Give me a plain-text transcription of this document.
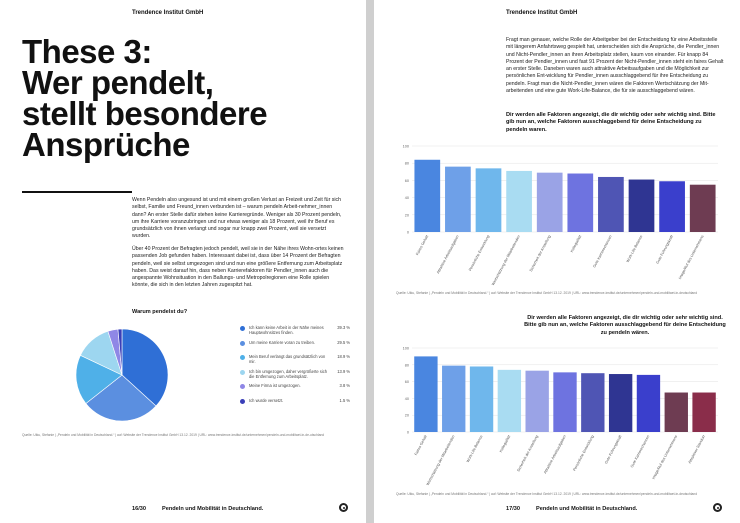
Trendence Institut GmbH
These 3:
Wer pendelt,
stellt besondere
Ansprüche
Wenn Pendeln also ungesund ist und mit einem großen Verlust an Freizeit und Zeit für sich selbst, Familie und Freund_innen verbunden ist – warum pendeln Arbeit-nehmer_innen dann? An erster Stelle dafür stehen keine Karrieregründe. Weniger als 30 Prozent pendeln, um ihre Karriere voranzubringen und nur etwas weniger als 18 Prozent, weil ihr Beruf es grundsätzlich von ihnen verlangt und sogar nur knapp zwei Prozent, weil sie versetzt wurden.
Über 40 Prozent der Befragten jedoch pendelt, weil sie in der Nähe ihres Wohn-ortes keinen passenden Job gefunden haben. Interessant dabei ist, dass über 14 Prozent der Befragten pendeln, weil sie selbst umgezogen sind und nun eine größere Entfernung zum Arbeitsplatz haben. Das weist darauf hin, dass neben Karrierefaktoren für Pendler_innen auch die angespannte Wohnsituation in den Ballungs- und Metropolregionen eine Rolle spielen könnte, die sich in den letzten Jahren zugespitzt hat.
Warum pendelst du?
Ich kann keine Arbeit in der Nähe meines Hauptwohnsitzes finden.
39.3 %
Um meine Karriere voran zu treiben.	29.5 %
Mein Beruf verlangt das grundsätzlich von mir.
18.9 %
Ich bin umgezogen, daher vergrößerte sich die Entfernung zum Arbeitsplatz.
13.9 %
Meine Firma ist umgezogen.	3.8 %
Ich wurde versetzt.	1.5 %
Quelle: Utku, Stefanie | „Pendeln und Mobilität in Deutschland.“ | auf: Website der Trendence Institut GmbH 13.12. 2019 | URL: www.trendence-institut.de/unternehmen/pendeln-und-mobilitaet-in-de-utschland
16/30	Pendeln und Mobilität in Deutschland.
Trendence Institut GmbH
Fragt man genauer, welche Rolle der Arbeitgeber bei der Entscheidung für eine Arbeitsstelle mit längerem Anfahrtsweg gespielt hat, unterscheiden sich die Ansprüche, die Pendler_innen und Nicht-Pendler_innen an ihren Arbeitsplatz stellen, kaum von einander. Für knapp 84 Prozent der Pendler_innen und fast 91 Prozent der Nicht-Pendler_innen steht ein faires Gehalt an erster Stelle. Daneben waren auch attraktive Arbeitsaufgaben und die Möglichkeit zur persönlichen Ent-wicklung für Pendler_innen ausschlaggebend für ihre Entscheidung zu pendeln. Fragt man die Nicht-Pendler_innen wären die Faktoren Wertschätzung der Mit-arbeitenden und eine gute Work-Life-Balance, die für sie ausschlaggebend wären.
Dir werden alle Faktoren angezeigt, die dir wichtig oder sehr wichtig sind. Bitte gib nun an, welche Faktoren ausschlaggebend für deine Entscheidung zu pendeln waren.
0
20
40
60
80
100
Faires Gehalt Attraktive Arbeitsaufgaben Persönliche Entwicklung Wertschätzung der Mitarbeitenden Sicherheit der Anstellung	Kollegialität	Gute Karrierechancen	Work-Life-Balance	Gute Führungskraft Image/Ruf des Unternehmens
Quelle: Utku, Stefanie | „Pendeln und Mobilität in Deutschland.“ | auf: Website der Trendence Institut GmbH 13.12. 2019 | URL: www.trendence-institut.de/unternehmen/pendeln-und-mobilitaet-in-deutschland
Dir werden alle Faktoren angezeigt, die dir wichtig oder sehr wichtig sind. Bitte gib nun an, welche Faktoren ausschlaggebend für deine Entscheidung zu pendeln wären.
0
20
40
60
80
100
Faires Gehalt
Wertschätzung der Mitarbeitenden	Work-Life-Balance	Kollegialität Sicherheit der Anstellung Attraktive Arbeitsaufgaben Persönliche Entwicklung	Gute Führungskraft Gute Karrierechancen Image/Ruf des Unternehmens	Attraktiver Standort
Quelle: Utku, Stefanie | „Pendeln und Mobilität in Deutschland.“ | auf: Website der Trendence Institut GmbH 13.12. 2019 | URL: www.trendence-institut.de/unternehmen/pendeln-und-mobilitaet-in-deutschland
17/30	Pendeln und Mobilität in Deutschland.
